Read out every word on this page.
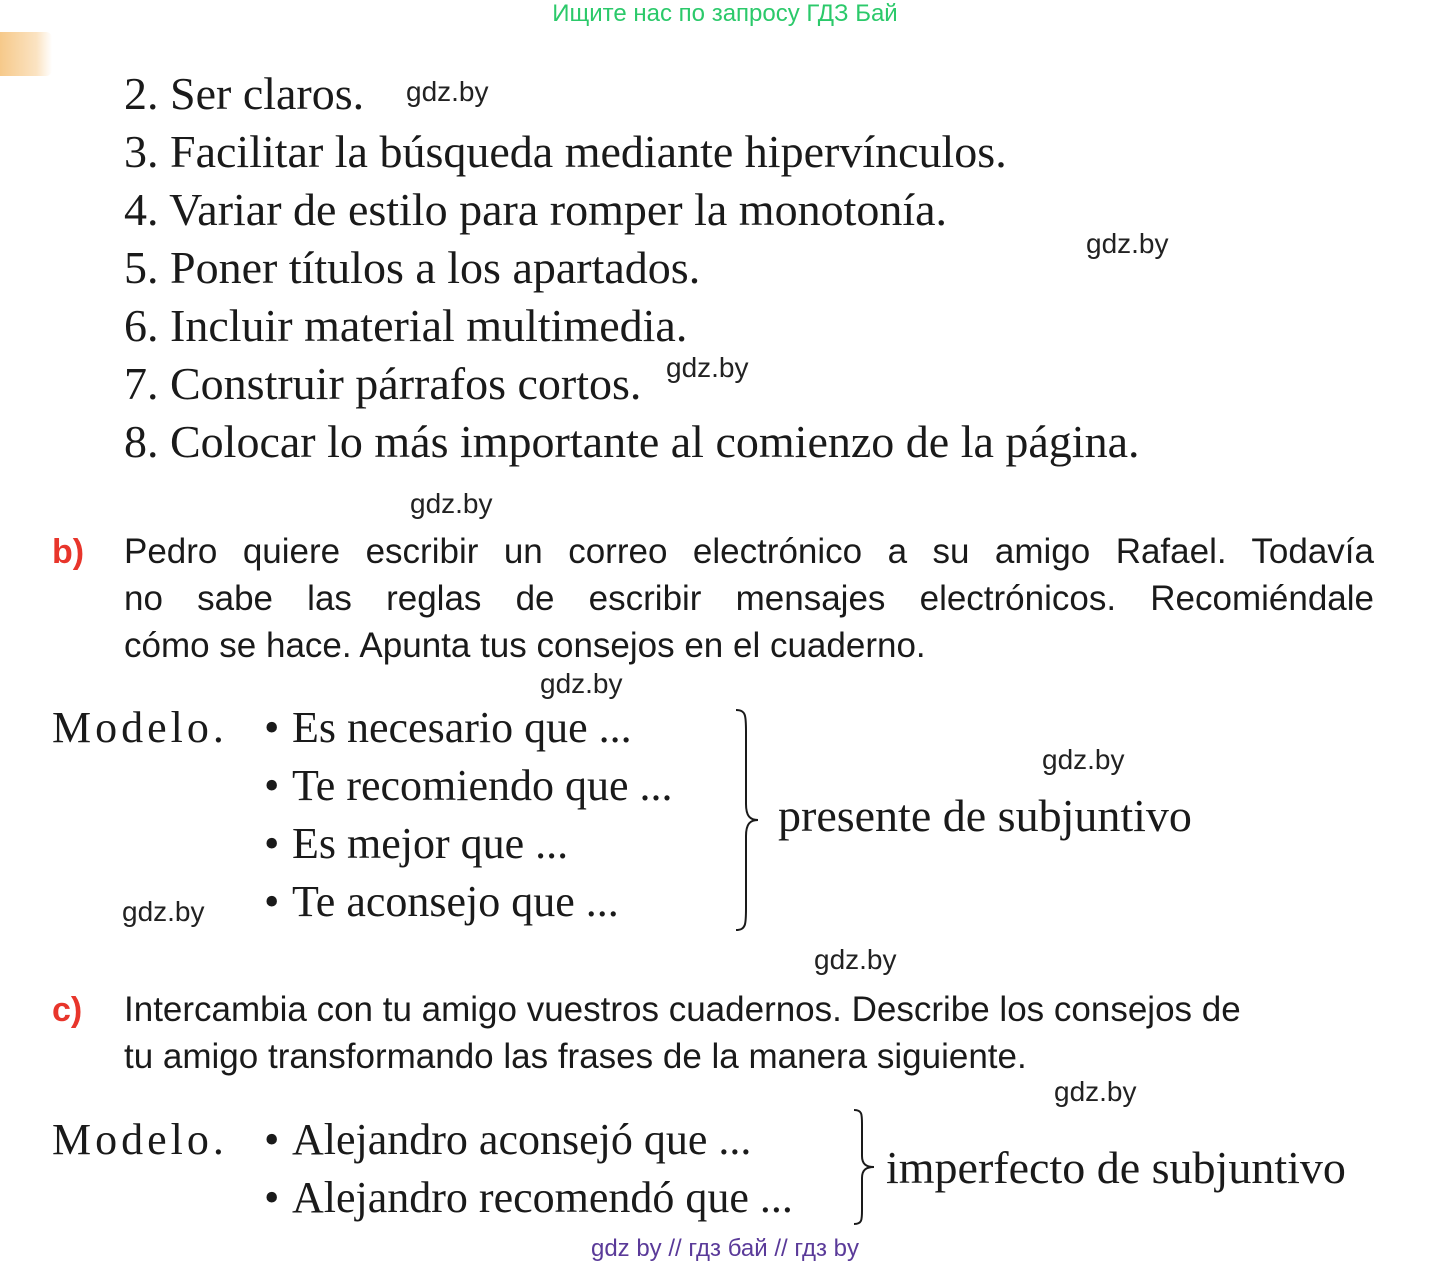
Ищите нас по запросу ГДЗ Бай
2. Ser claros.
3. Facilitar la búsqueda mediante hipervínculos.
4. Variar de estilo para romper la monotonía.
5. Poner títulos a los apartados.
6. Incluir material multimedia.
7. Construir párrafos cortos.
8. Colocar lo más importante al comienzo de la página.
gdz.by
gdz.by
gdz.by
gdz.by
gdz.by
gdz.by
gdz.by
gdz.by
gdz.by
b) Pedro quiere escribir un correo electrónico a su amigo Rafael. Todavía
no sabe las reglas de escribir mensajes electrónicos. Recomiéndale
cómo se hace. Apunta tus consejos en el cuaderno.
Modelo. • Es necesario que ...
• Te recomiendo que ...
• Es mejor que ...
• Te aconsejo que ...
presente de subjuntivo
c) Intercambia con tu amigo vuestros cuadernos. Describe los consejos de
tu amigo transformando las frases de la manera siguiente.
Modelo. • Alejandro aconsejó que ...
• Alejandro recomendó que ...
imperfecto de subjuntivo
gdz by // гдз бай // гдз by
